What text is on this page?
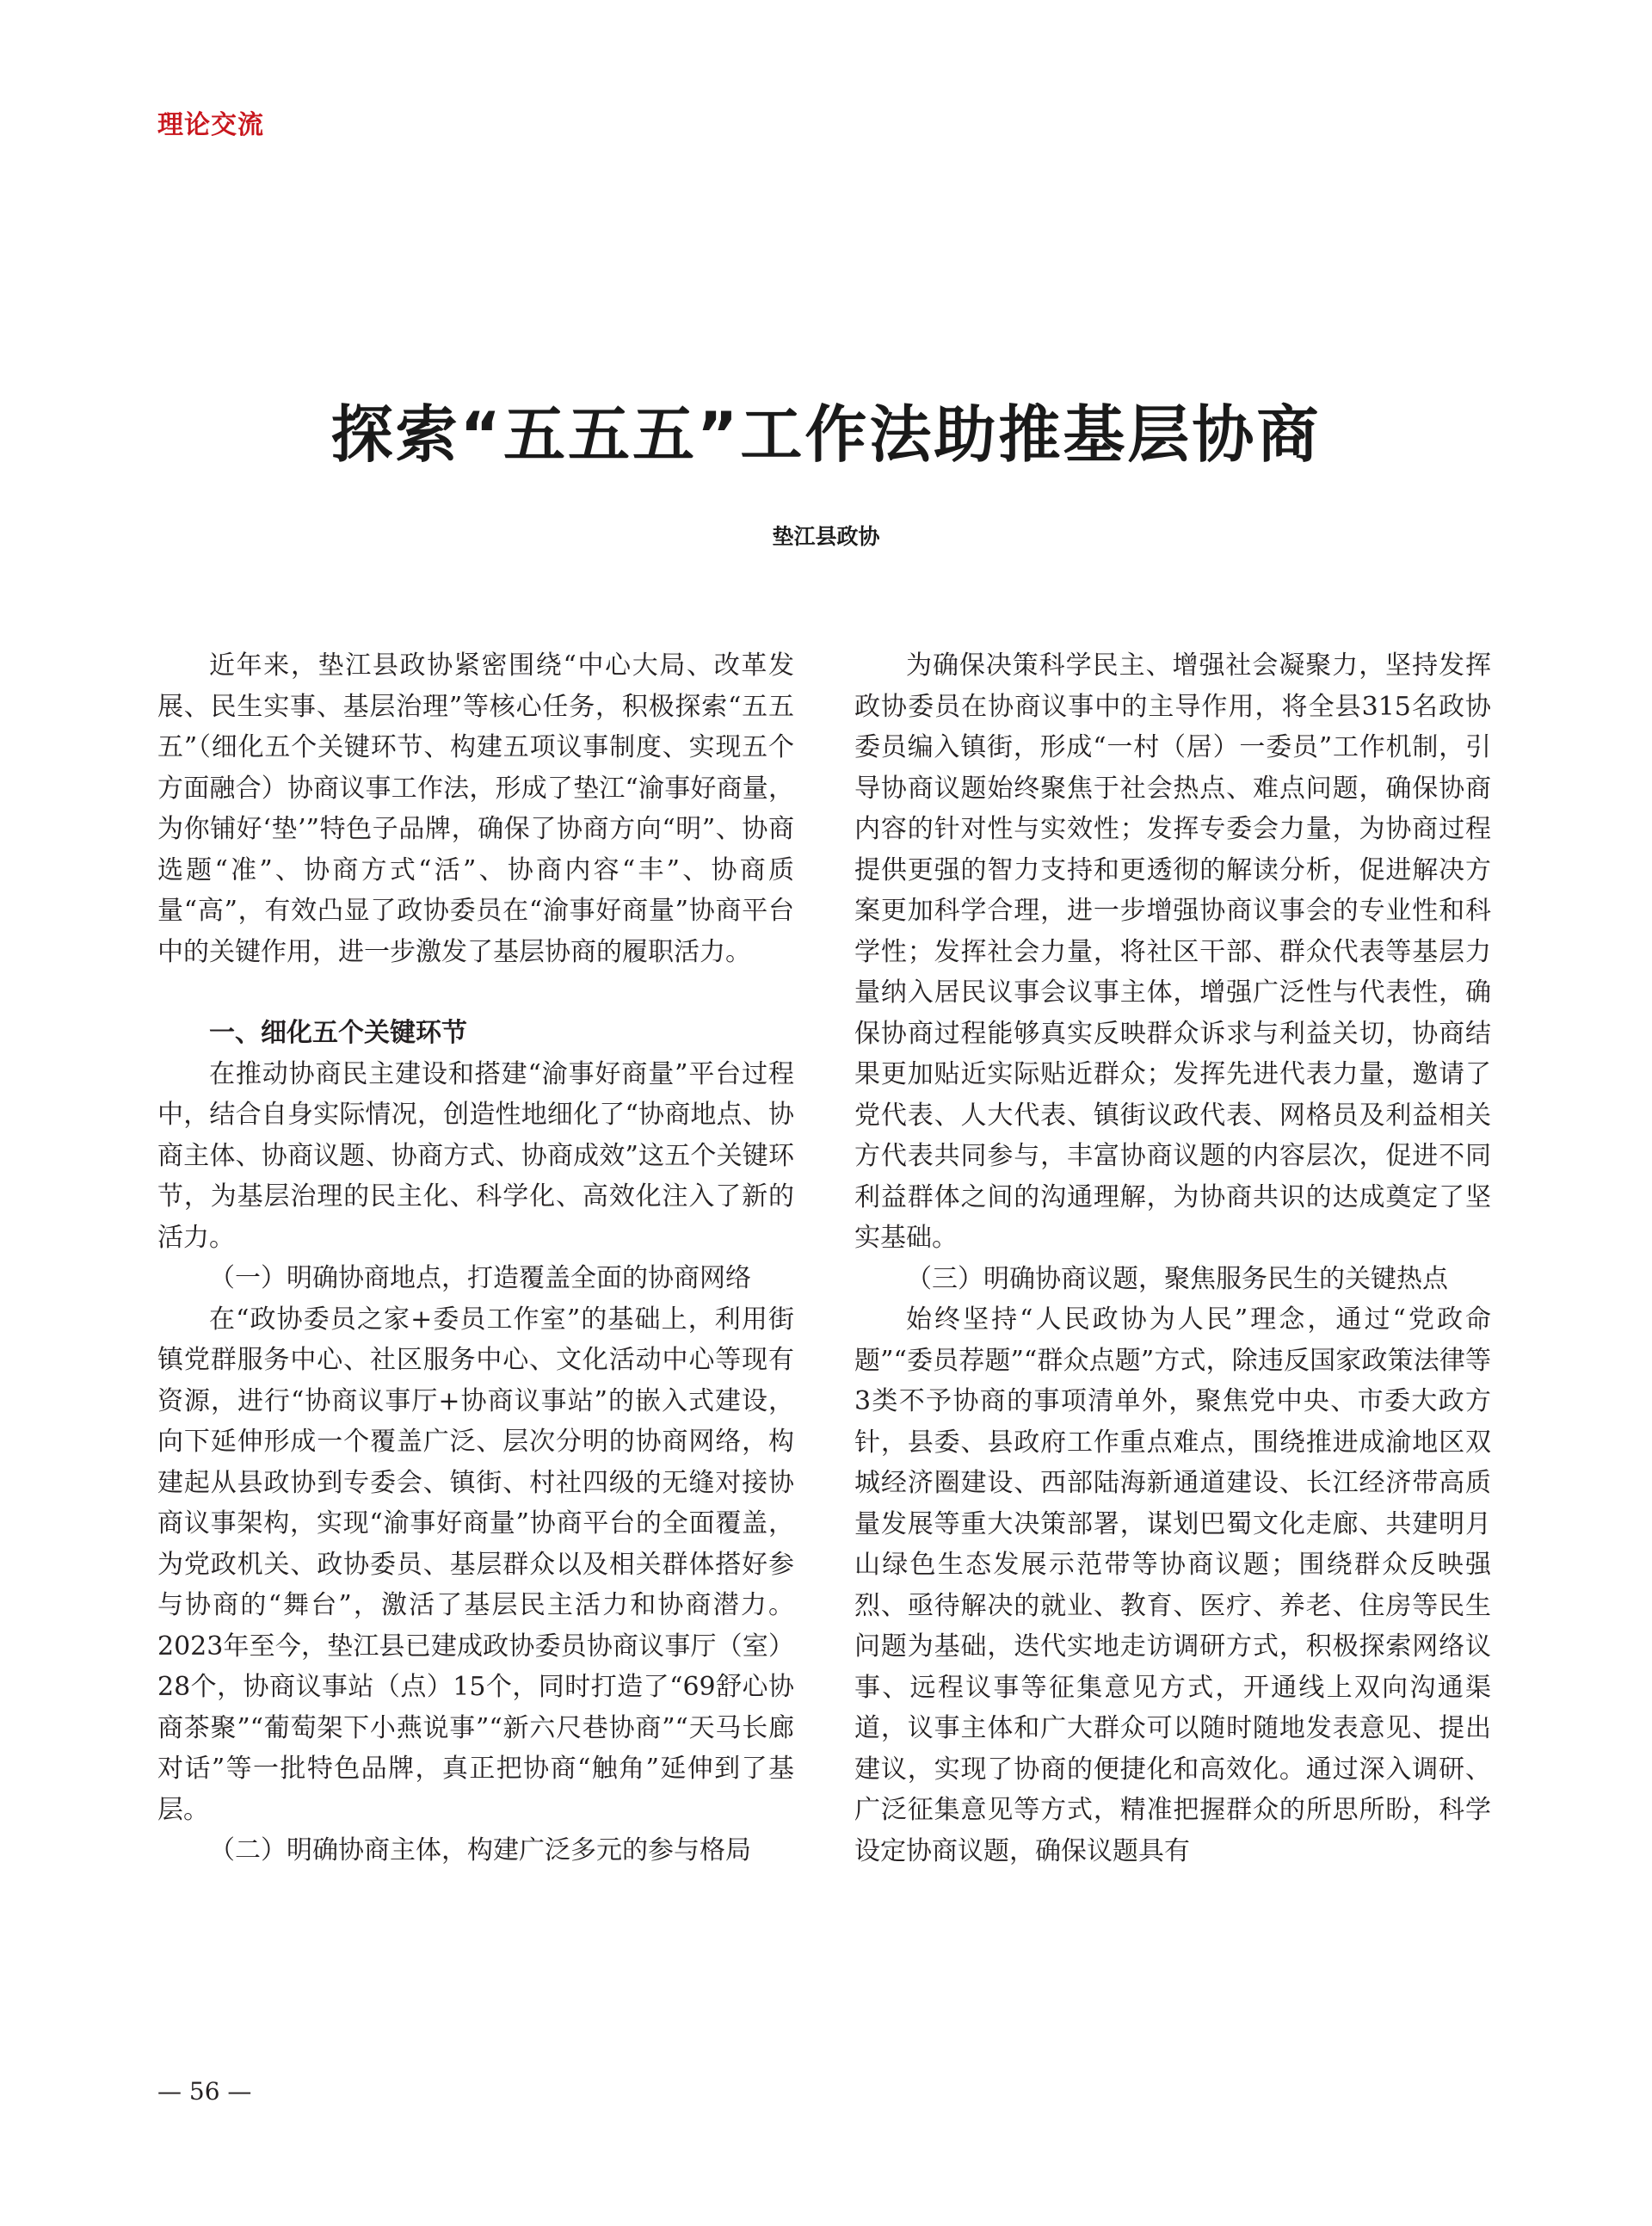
理论交流
探索“五五五”工作法助推基层协商
垫江县政协

近年来，垫江县政协紧密围绕“中心大局、改革发展、民生实事、基层治理”等核心任务，积极探索“五五五”（细化五个关键环节、构建五项议事制度、实现五个方面融合）协商议事工作法，形成了垫江“渝事好商量，为你铺好‘垫’”特色子品牌，确保了协商方向“明”、协商选题“准”、协商方式“活”、协商内容“丰”、协商质量“高”，有效凸显了政协委员在“渝事好商量”协商平台中的关键作用，进一步激发了基层协商的履职活力。

一、细化五个关键环节

在推动协商民主建设和搭建“渝事好商量”平台过程中，结合自身实际情况，创造性地细化了“协商地点、协商主体、协商议题、协商方式、协商成效”这五个关键环节，为基层治理的民主化、科学化、高效化注入了新的活力。

（一）明确协商地点，打造覆盖全面的协商网络

在“政协委员之家+委员工作室”的基础上，利用街镇党群服务中心、社区服务中心、文化活动中心等现有资源，进行“协商议事厅+协商议事站”的嵌入式建设，向下延伸形成一个覆盖广泛、层次分明的协商网络，构建起从县政协到专委会、镇街、村社四级的无缝对接协商议事架构，实现“渝事好商量”协商平台的全面覆盖，为党政机关、政协委员、基层群众以及相关群体搭好参与协商的“舞台”，激活了基层民主活力和协商潜力。2023年至今，垫江县已建成政协委员协商议事厅（室）28个，协商议事站（点）15个，同时打造了“69舒心协商茶聚”“葡萄架下小燕说事”“新六尺巷协商”“天马长廊对话”等一批特色品牌，真正把协商“触角”延伸到了基层。

（二）明确协商主体，构建广泛多元的参与格局

为确保决策科学民主、增强社会凝聚力，坚持发挥政协委员在协商议事中的主导作用，将全县315名政协委员编入镇街，形成“一村（居）一委员”工作机制，引导协商议题始终聚焦于社会热点、难点问题，确保协商内容的针对性与实效性；发挥专委会力量，为协商过程提供更强的智力支持和更透彻的解读分析，促进解决方案更加科学合理，进一步增强协商议事会的专业性和科学性；发挥社会力量，将社区干部、群众代表等基层力量纳入居民议事会议事主体，增强广泛性与代表性，确保协商过程能够真实反映群众诉求与利益关切，协商结果更加贴近实际贴近群众；发挥先进代表力量，邀请了党代表、人大代表、镇街议政代表、网格员及利益相关方代表共同参与，丰富协商议题的内容层次，促进不同利益群体之间的沟通理解，为协商共识的达成奠定了坚实基础。

（三）明确协商议题，聚焦服务民生的关键热点

始终坚持“人民政协为人民”理念，通过“党政命题”“委员荐题”“群众点题”方式，除违反国家政策法律等3类不予协商的事项清单外，聚焦党中央、市委大政方针，县委、县政府工作重点难点，围绕推进成渝地区双城经济圈建设、西部陆海新通道建设、长江经济带高质量发展等重大决策部署，谋划巴蜀文化走廊、共建明月山绿色生态发展示范带等协商议题；围绕群众反映强烈、亟待解决的就业、教育、医疗、养老、住房等民生问题为基础，迭代实地走访调研方式，积极探索网络议事、远程议事等征集意见方式，开通线上双向沟通渠道，议事主体和广大群众可以随时随地发表意见、提出建议，实现了协商的便捷化和高效化。通过深入调研、广泛征集意见等方式，精准把握群众的所思所盼，科学设定协商议题，确保议题具有

— 56 —
